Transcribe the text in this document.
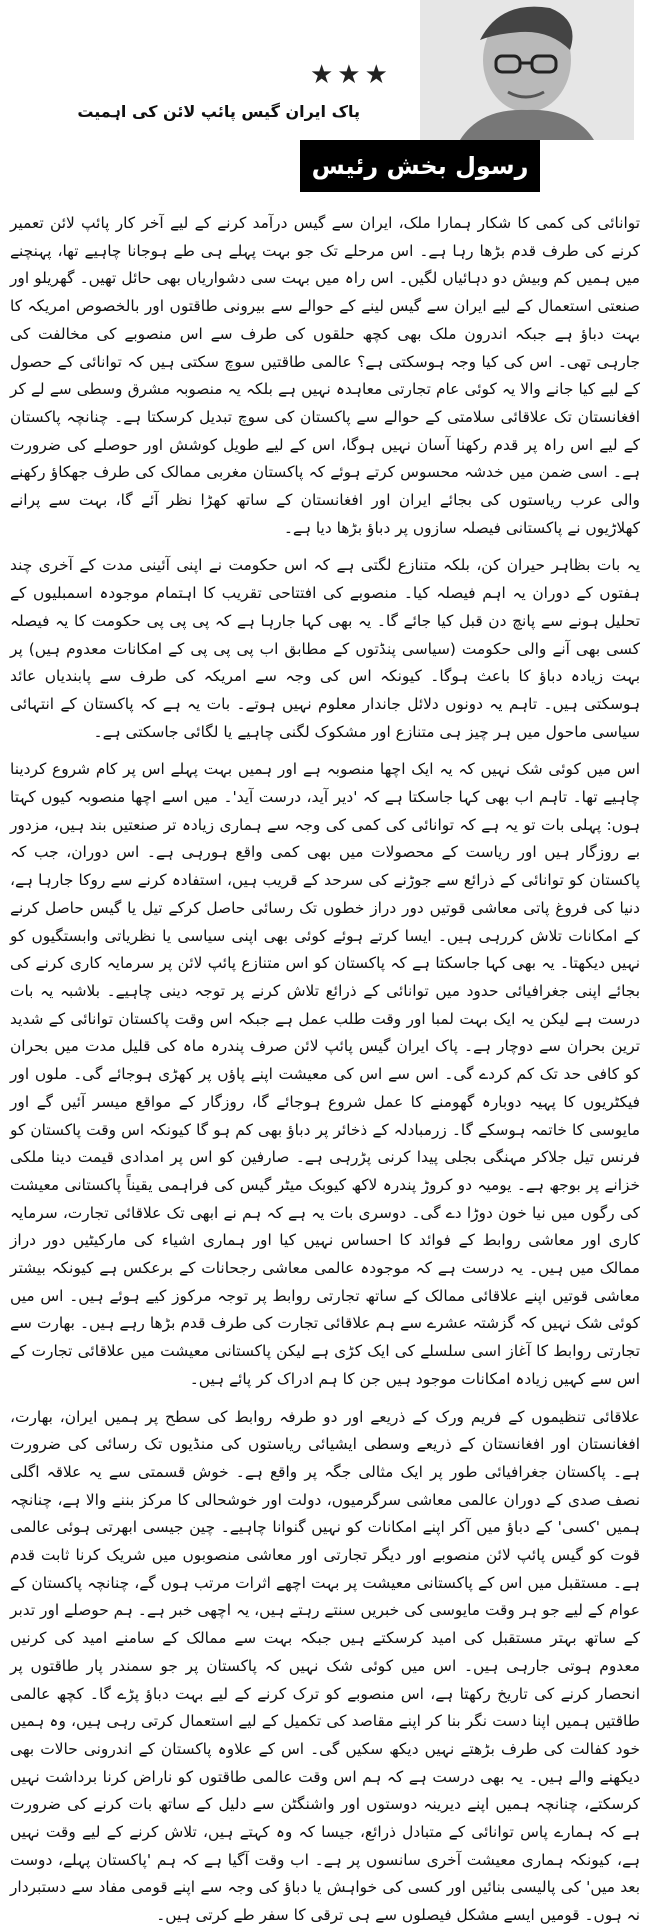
★★★
پاک ایران گیس پائپ لائن کی اہمیت
رسول بخش رئیس

توانائی کی کمی کا شکار ہمارا ملک، ایران سے گیس درآمد کرنے کے لیے آخر کار پائپ لائن تعمیر کرنے کی طرف قدم بڑھا رہا ہے۔ اس مرحلے تک جو بہت پہلے ہی طے ہوجانا چاہیے تھا، پہنچنے میں ہمیں کم وبیش دو دہائیاں لگیں۔ اس راہ میں بہت سی دشواریاں بھی حائل تھیں۔ گھریلو اور صنعتی استعمال کے لیے ایران سے گیس لینے کے حوالے سے بیرونی طاقتوں اور بالخصوص امریکہ کا بہت دباؤ ہے جبکہ اندرون ملک بھی کچھ حلقوں کی طرف سے اس منصوبے کی مخالفت کی جارہی تھی۔ اس کی کیا وجہ ہوسکتی ہے؟ عالمی طاقتیں سوچ سکتی ہیں کہ توانائی کے حصول کے لیے کیا جانے والا یہ کوئی عام تجارتی معاہدہ نہیں ہے بلکہ یہ منصوبہ مشرق وسطی سے لے کر افغانستان تک علاقائی سلامتی کے حوالے سے پاکستان کی سوچ تبدیل کرسکتا ہے۔ چنانچہ پاکستان کے لیے اس راہ پر قدم رکھنا آسان نہیں ہوگا، اس کے لیے طویل کوشش اور حوصلے کی ضرورت ہے۔ اسی ضمن میں خدشہ محسوس کرتے ہوئے کہ پاکستان مغربی ممالک کی طرف جھکاؤ رکھنے والی عرب ریاستوں کی بجائے ایران اور افغانستان کے ساتھ کھڑا نظر آئے گا، بہت سے پرانے کھلاڑیوں نے پاکستانی فیصلہ سازوں پر دباؤ بڑھا دیا ہے۔

یہ بات بظاہر حیران کن، بلکہ متنازع لگتی ہے کہ اس حکومت نے اپنی آئینی مدت کے آخری چند ہفتوں کے دوران یہ اہم فیصلہ کیا۔ منصوبے کی افتتاحی تقریب کا اہتمام موجودہ اسمبلیوں کے تحلیل ہونے سے پانچ دن قبل کیا جائے گا۔ یہ بھی کہا جارہا ہے کہ پی پی پی حکومت کا یہ فیصلہ کسی بھی آنے والی حکومت (سیاسی پنڈتوں کے مطابق اب پی پی پی کے امکانات معدوم ہیں) پر بہت زیادہ دباؤ کا باعث ہوگا۔ کیونکہ اس کی وجہ سے امریکہ کی طرف سے پابندیاں عائد ہوسکتی ہیں۔ تاہم یہ دونوں دلائل جاندار معلوم نہیں ہوتے۔ بات یہ ہے کہ پاکستان کے انتہائی سیاسی ماحول میں ہر چیز ہی متنازع اور مشکوک لگنی چاہیے یا لگائی جاسکتی ہے۔

اس میں کوئی شک نہیں کہ یہ ایک اچھا منصوبہ ہے اور ہمیں بہت پہلے اس پر کام شروع کردینا چاہیے تھا۔ تاہم اب بھی کہا جاسکتا ہے کہ 'دیر آید، درست آید'۔ میں اسے اچھا منصوبہ کیوں کہتا ہوں: پہلی بات تو یہ ہے کہ توانائی کی کمی کی وجہ سے ہماری زیادہ تر صنعتیں بند ہیں، مزدور بے روزگار ہیں اور ریاست کے محصولات میں بھی کمی واقع ہورہی ہے۔ اس دوران، جب کہ پاکستان کو توانائی کے ذرائع سے جوڑنے کی سرحد کے قریب ہیں، استفادہ کرنے سے روکا جارہا ہے، دنیا کی فروغ پاتی معاشی قوتیں دور دراز خطوں تک رسائی حاصل کرکے تیل یا گیس حاصل کرنے کے امکانات تلاش کررہی ہیں۔ ایسا کرتے ہوئے کوئی بھی اپنی سیاسی یا نظریاتی وابستگیوں کو نہیں دیکھتا۔ یہ بھی کہا جاسکتا ہے کہ پاکستان کو اس متنازع پائپ لائن پر سرمایہ کاری کرنے کی بجائے اپنی جغرافیائی حدود میں توانائی کے ذرائع تلاش کرنے پر توجہ دینی چاہیے۔ بلاشبہ یہ بات درست ہے لیکن یہ ایک بہت لمبا اور وقت طلب عمل ہے جبکہ اس وقت پاکستان توانائی کے شدید ترین بحران سے دوچار ہے۔ پاک ایران گیس پائپ لائن صرف پندرہ ماہ کی قلیل مدت میں بحران کو کافی حد تک کم کردے گی۔ اس سے اس کی معیشت اپنے پاؤں پر کھڑی ہوجائے گی۔ ملوں اور فیکٹریوں کا پہیہ دوبارہ گھومنے کا عمل شروع ہوجائے گا، روزگار کے مواقع میسر آئیں گے اور مایوسی کا خاتمہ ہوسکے گا۔ زرمبادلہ کے ذخائر پر دباؤ بھی کم ہو گا کیونکہ اس وقت پاکستان کو فرنس تیل جلاکر مہنگی بجلی پیدا کرنی پڑرہی ہے۔ صارفین کو اس پر امدادی قیمت دینا ملکی خزانے پر بوجھ ہے۔ یومیہ دو کروڑ پندرہ لاکھ کیوبک میٹر گیس کی فراہمی یقیناً پاکستانی معیشت کی رگوں میں نیا خون دوڑا دے گی۔ دوسری بات یہ ہے کہ ہم نے ابھی تک علاقائی تجارت، سرمایہ کاری اور معاشی روابط کے فوائد کا احساس نہیں کیا اور ہماری اشیاء کی مارکیٹیں دور دراز ممالک میں ہیں۔ یہ درست ہے کہ موجودہ عالمی معاشی رجحانات کے برعکس ہے کیونکہ بیشتر معاشی قوتیں اپنے علاقائی ممالک کے ساتھ تجارتی روابط پر توجہ مرکوز کیے ہوئے ہیں۔ اس میں کوئی شک نہیں کہ گزشتہ عشرے سے ہم علاقائی تجارت کی طرف قدم بڑھا رہے ہیں۔ بھارت سے تجارتی روابط کا آغاز اسی سلسلے کی ایک کڑی ہے لیکن پاکستانی معیشت میں علاقائی تجارت کے اس سے کہیں زیادہ امکانات موجود ہیں جن کا ہم ادراک کر پائے ہیں۔

علاقائی تنظیموں کے فریم ورک کے ذریعے اور دو طرفہ روابط کی سطح پر ہمیں ایران، بھارت، افغانستان اور افغانستان کے ذریعے وسطی ایشیائی ریاستوں کی منڈیوں تک رسائی کی ضرورت ہے۔ پاکستان جغرافیائی طور پر ایک مثالی جگہ پر واقع ہے۔ خوش قسمتی سے یہ علاقہ اگلی نصف صدی کے دوران عالمی معاشی سرگرمیوں، دولت اور خوشحالی کا مرکز بننے والا ہے، چنانچہ ہمیں 'کسی' کے دباؤ میں آکر اپنے امکانات کو نہیں گنوانا چاہیے۔ چین جیسی ابھرتی ہوئی عالمی قوت کو گیس پائپ لائن منصوبے اور دیگر تجارتی اور معاشی منصوبوں میں شریک کرنا ثابت قدم ہے۔ مستقبل میں اس کے پاکستانی معیشت پر بہت اچھے اثرات مرتب ہوں گے، چنانچہ پاکستان کے عوام کے لیے جو ہر وقت مایوسی کی خبریں سنتے رہتے ہیں، یہ اچھی خبر ہے۔ ہم حوصلے اور تدبر کے ساتھ بہتر مستقبل کی امید کرسکتے ہیں جبکہ بہت سے ممالک کے سامنے امید کی کرنیں معدوم ہوتی جارہی ہیں۔ اس میں کوئی شک نہیں کہ پاکستان پر جو سمندر پار طاقتوں پر انحصار کرنے کی تاریخ رکھتا ہے، اس منصوبے کو ترک کرنے کے لیے بہت دباؤ پڑے گا۔ کچھ عالمی طاقتیں ہمیں اپنا دست نگر بنا کر اپنے مقاصد کی تکمیل کے لیے استعمال کرتی رہی ہیں، وہ ہمیں خود کفالت کی طرف بڑھتے نہیں دیکھ سکیں گی۔ اس کے علاوہ پاکستان کے اندرونی حالات بھی دیکھنے والے ہیں۔ یہ بھی درست ہے کہ ہم اس وقت عالمی طاقتوں کو ناراض کرنا برداشت نہیں کرسکتے، چنانچہ ہمیں اپنے دیرینہ دوستوں اور واشنگٹن سے دلیل کے ساتھ بات کرنے کی ضرورت ہے کہ ہمارے پاس توانائی کے متبادل ذرائع، جیسا کہ وہ کہتے ہیں، تلاش کرنے کے لیے وقت نہیں ہے، کیونکہ ہماری معیشت آخری سانسوں پر ہے۔ اب وقت آگیا ہے کہ ہم 'پاکستان پہلے، دوست بعد میں' کی پالیسی بنائیں اور کسی کی خواہش یا دباؤ کی وجہ سے اپنے قومی مفاد سے دستبردار نہ ہوں۔ قومیں ایسے مشکل فیصلوں سے ہی ترقی کا سفر طے کرتی ہیں۔
